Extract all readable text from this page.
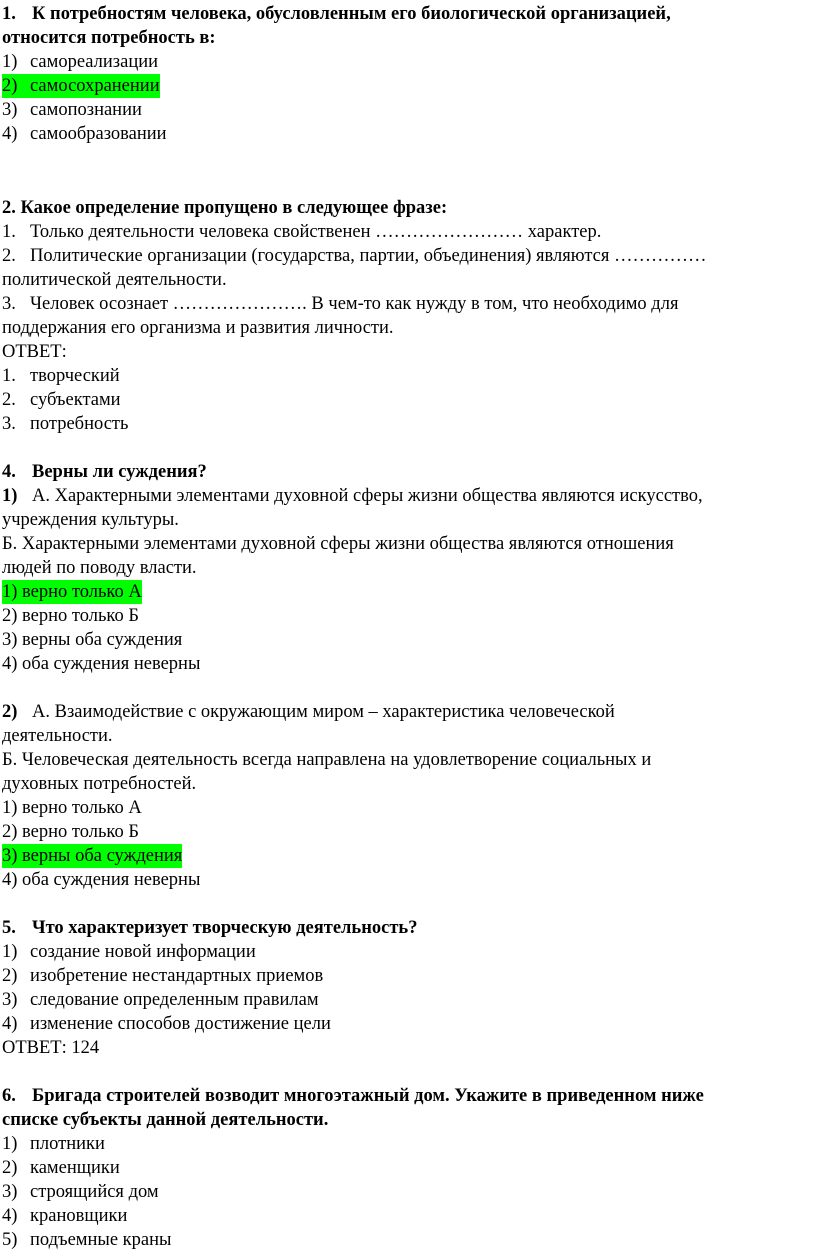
1. К потребностям человека, обусловленным его биологической организацией,
относится потребность в:
1) самореализации
2) самосохранении
3) самопознании
4) самообразовании
2. Какое определение пропущено в следующее фразе:
1. Только деятельности человека свойственен …………………… характер.
2. Политические организации (государства, партии, объединения) являются ……………
политической деятельности.
3. Человек осознает …………………. В чем-то как нужду в том, что необходимо для
поддержания его организма и развития личности.
ОТВЕТ:
1. творческий
2. субъектами
3. потребность
4. Верны ли суждения?
1) А. Характерными элементами духовной сферы жизни общества являются искусство,
учреждения культуры.
Б. Характерными элементами духовной сферы жизни общества являются отношения
людей по поводу власти.
1) верно только А
2) верно только Б
3) верны оба суждения
4) оба суждения неверны
2) А. Взаимодействие с окружающим миром – характеристика человеческой
деятельности.
Б. Человеческая деятельность всегда направлена на удовлетворение социальных и
духовных потребностей.
1) верно только А
2) верно только Б
3) верны оба суждения
4) оба суждения неверны
5. Что характеризует творческую деятельность?
1) создание новой информации
2) изобретение нестандартных приемов
3) следование определенным правилам
4) изменение способов достижение цели
ОТВЕТ: 124
6. Бригада строителей возводит многоэтажный дом. Укажите в приведенном ниже
списке субъекты данной деятельности.
1) плотники
2) каменщики
3) строящийся дом
4) крановщики
5) подъемные краны
